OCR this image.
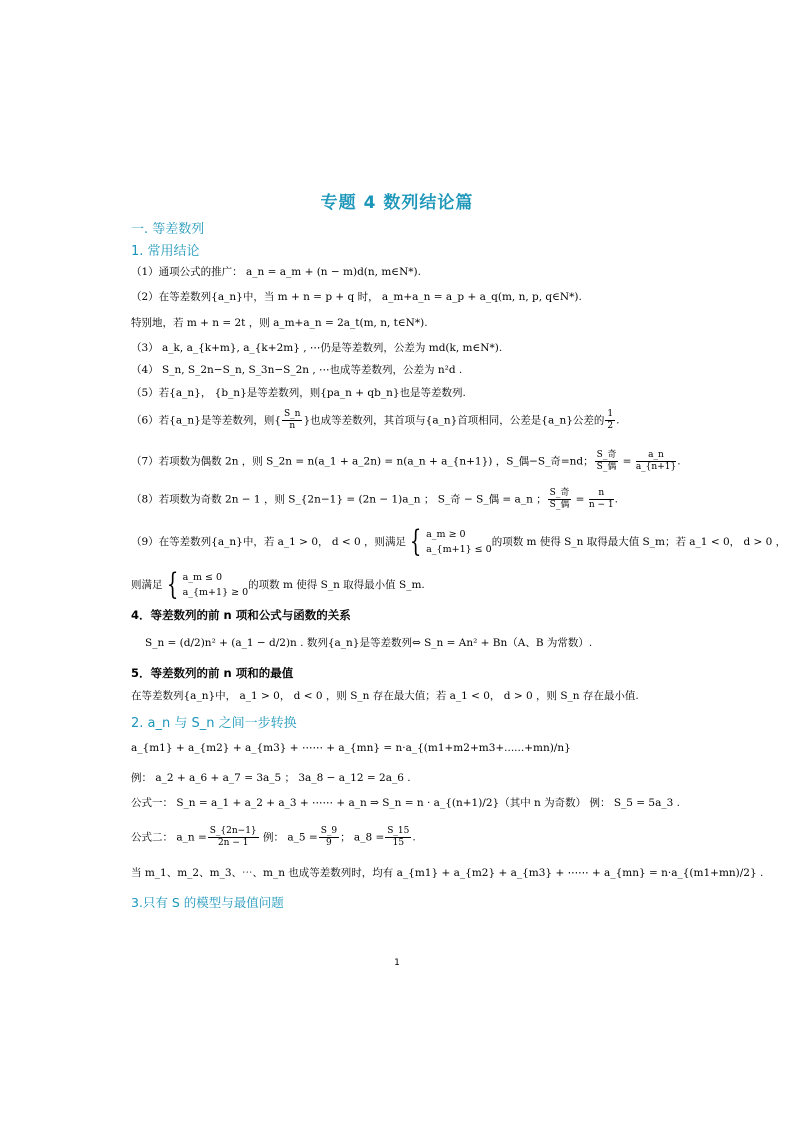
专题 4 数列结论篇
一. 等差数列
1. 常用结论
（1）通项公式的推广： a_n = a_m + (n − m)d(n, m∈N*).
（2）在等差数列{a_n}中，当 m + n = p + q 时， a_m+a_n = a_p + a_q(m, n, p, q∈N*).
特别地，若 m + n = 2t ，则 a_m+a_n = 2a_t(m, n, t∈N*).
（3） a_k, a_{k+m}, a_{k+2m} , ⋯仍是等差数列，公差为 md(k, m∈N*).
（4） S_n, S_2n−S_n, S_3n−S_2n , ⋯也成等差数列，公差为 n²d .
（5）若{a_n}， {b_n}是等差数列，则{pa_n + qb_n}也是等差数列.
（6）若{a_n}是等差数列，则{ $\frac{S\_n}{n}$ }也成等差数列，其首项与{a_n}首项相同，公差是{a_n}公差的 $\frac{1}{2}$ .
（7）若项数为偶数 2n ，则 S_2n = n(a_1 + a_2n) = n(a_n + a_{n+1}) ，S_偶−S_奇=nd； $\frac{\text{S\_奇}}{\text{S\_偶}} = \frac{a\_n}{a\_\{n+1\}}$ .
（8）若项数为奇数 2n − 1 ，则 S_{2n−1} = (2n − 1)a_n ； S_奇 − S_偶 = a_n ； $\frac{\text{S\_奇}}{\text{S\_偶}} = \frac{n}{n - 1}$ .
（9）在等差数列{a_n}中，若 a_1 > 0， d < 0 ，则满足 { a_m ≥ 0
a_{m+1} ≤ 0
的项数 m 使得 S_n 取得最大值 S_m；若 a_1 < 0， d > 0 ，
则满足 { a_m ≤ 0
a_{m+1} ≥ 0
的项数 m 使得 S_n 取得最小值 S_m.
4．等差数列的前 n 项和公式与函数的关系
S_n = (d/2)n² + (a_1 − d/2)n . 数列{a_n}是等差数列⇔ S_n = An² + Bn（A、B 为常数）.
5．等差数列的前 n 项和的最值
在等差数列{a_n}中， a_1 > 0， d < 0 ，则 S_n 存在最大值；若 a_1 < 0， d > 0 ，则 S_n 存在最小值.
2. a_n 与 S_n 之间一步转换
a_{m1} + a_{m2} + a_{m3} + ⋯⋯ + a_{mn} = n·a_{(m1+m2+m3+......+mn)/n}
例： a_2 + a_6 + a_7 = 3a_5 ； 3a_8 − a_12 = 2a_6 .
公式一： S_n = a_1 + a_2 + a_3 + ⋯⋯ + a_n ⇒ S_n = n · a_{(n+1)/2}（其中 n 为奇数） 例： S_5 = 5a_3 .
公式二： a_n = $\frac{S\_\{2n-1\}}{2n - 1}$ 例： a_5 = $\frac{S\_9}{9}$ ； a_8 = $\frac{S\_15}{15}$ .
当 m_1、m_2、m_3、⋯、m_n 也成等差数列时，均有 a_{m1} + a_{m2} + a_{m3} + ⋯⋯ + a_{mn} = n·a_{(m1+mn)/2} .
3.只有 S 的模型与最值问题
1
